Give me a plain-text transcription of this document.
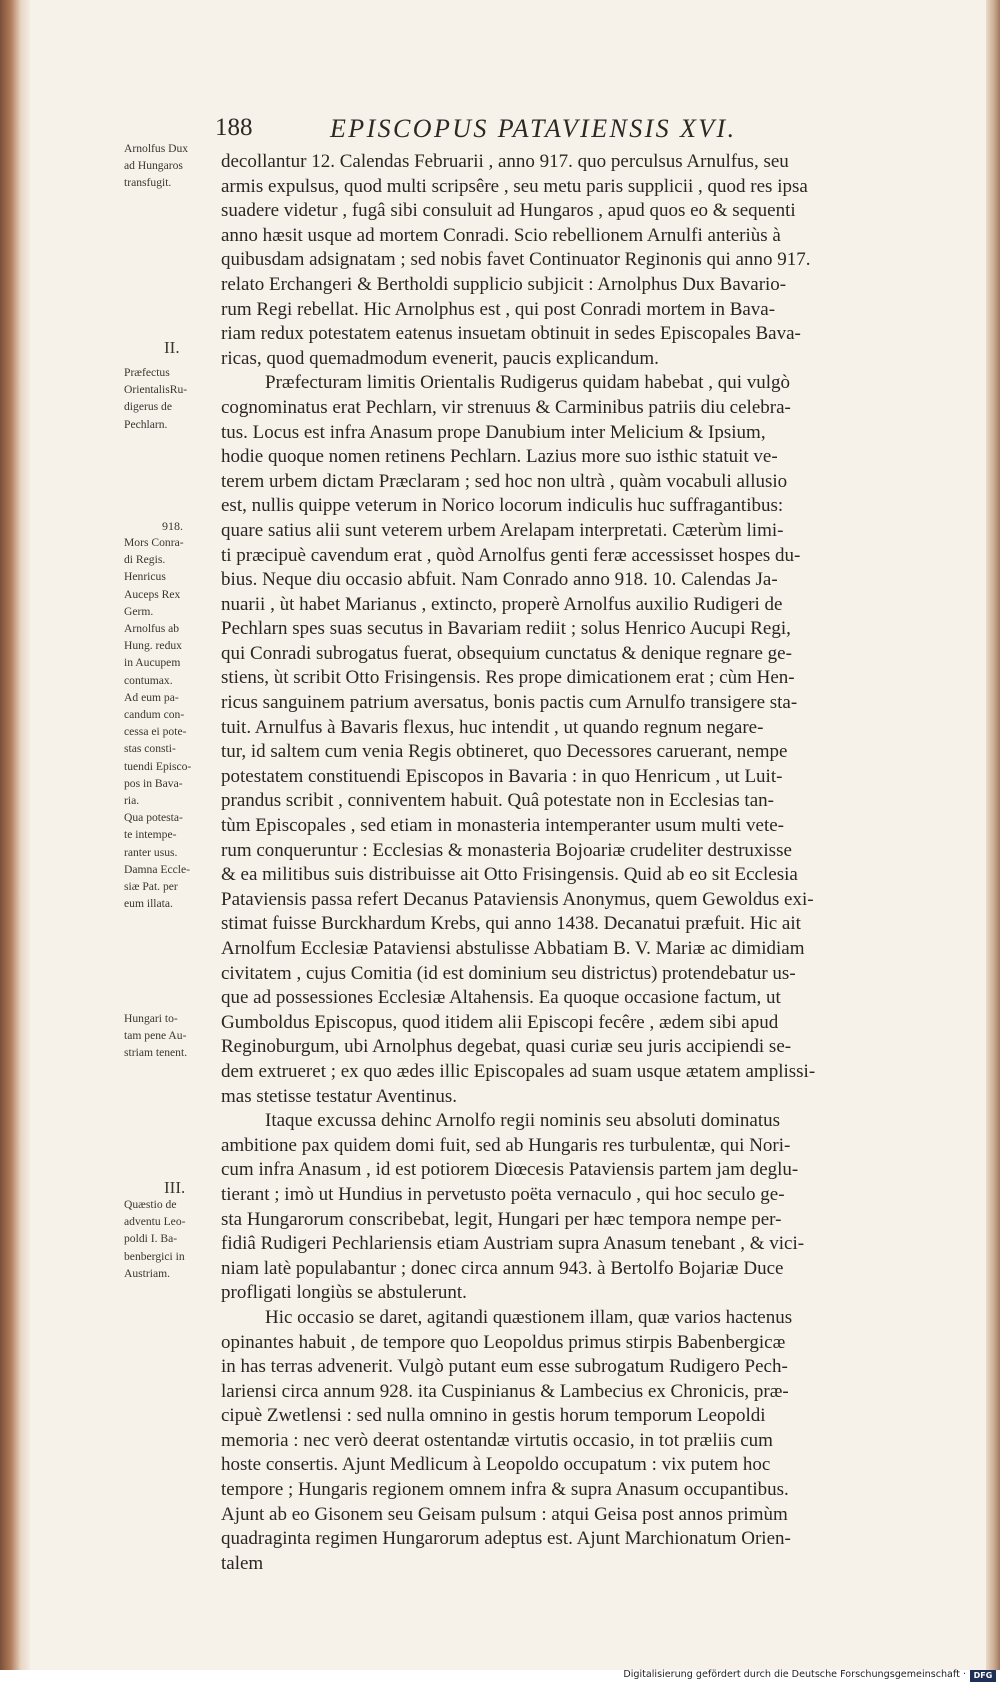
188	EPISCOPUS PATAVIENSIS XVI.
Arnolfus Dux
ad Hungaros
transfugit.
II.
Præfectus
OrientalisRu-
digerus de
Pechlarn.
918.
Mors Conra-
di Regis.
Henricus
Auceps Rex
Germ.
Arnolfus ab
Hung. redux
in Aucupem
contumax.
Ad eum pa-
candum con-
cessa ei pote-
stas consti-
tuendi Episco-
pos in Bava-
ria.
Qua potesta-
te intempe-
ranter usus.
Damna Eccle-
siæ Pat. per
eum illata.
Hungari to-
tam pene Au-
striam tenent.
III.
Quæstio de
adventu Leo-
poldi I. Ba-
benbergici in
Austriam.
decollantur 12. Calendas Februarii , anno 917. quo perculsus Arnulfus, seu
armis expulsus, quod multi scripsêre , seu metu paris supplicii , quod res ipsa
suadere videtur , fugâ sibi consuluit ad Hungaros , apud quos eo & sequenti
anno hæsit usque ad mortem Conradi. Scio rebellionem Arnulfi anteriùs à
quibusdam adsignatam ; sed nobis favet Continuator Reginonis qui anno 917.
relato Erchangeri & Bertholdi supplicio subjicit : Arnolphus Dux Bavario-
rum Regi rebellat. Hic Arnolphus est , qui post Conradi mortem in Bava-
riam redux potestatem eatenus insuetam obtinuit in sedes Episcopales Bava-
ricas, quod quemadmodum evenerit, paucis explicandum.
Præfecturam limitis Orientalis Rudigerus quidam habebat , qui vulgò
cognominatus erat Pechlarn, vir strenuus & Carminibus patriis diu celebra-
tus. Locus est infra Anasum prope Danubium inter Melicium & Ipsium,
hodie quoque nomen retinens Pechlarn. Lazius more suo isthic statuit ve-
terem urbem dictam Præclaram ; sed hoc non ultrà , quàm vocabuli allusio
est, nullis quippe veterum in Norico locorum indiculis huc suffragantibus:
quare satius alii sunt veterem urbem Arelapam interpretati. Cæterùm limi-
ti præcipuè cavendum erat , quòd Arnolfus genti feræ accessisset hospes du-
bius. Neque diu occasio abfuit. Nam Conrado anno 918. 10. Calendas Ja-
nuarii , ùt habet Marianus , extincto, properè Arnolfus auxilio Rudigeri de
Pechlarn spes suas secutus in Bavariam rediit ; solus Henrico Aucupi Regi,
qui Conradi subrogatus fuerat, obsequium cunctatus & denique regnare ge-
stiens, ùt scribit Otto Frisingensis. Res prope dimicationem erat ; cùm Hen-
ricus sanguinem patrium aversatus, bonis pactis cum Arnulfo transigere sta-
tuit. Arnulfus à Bavaris flexus, huc intendit , ut quando regnum negare-
tur, id saltem cum venia Regis obtineret, quo Decessores caruerant, nempe
potestatem constituendi Episcopos in Bavaria : in quo Henricum , ut Luit-
prandus scribit , conniventem habuit. Quâ potestate non in Ecclesias tan-
tùm Episcopales , sed etiam in monasteria intemperanter usum multi vete-
rum conqueruntur : Ecclesias & monasteria Bojoariæ crudeliter destruxisse
& ea militibus suis distribuisse ait Otto Frisingensis. Quid ab eo sit Ecclesia
Pataviensis passa refert Decanus Pataviensis Anonymus, quem Gewoldus exi-
stimat fuisse Burckhardum Krebs, qui anno 1438. Decanatui præfuit. Hic ait
Arnolfum Ecclesiæ Pataviensi abstulisse Abbatiam B. V. Mariæ ac dimidiam
civitatem , cujus Comitia (id est dominium seu districtus) protendebatur us-
que ad possessiones Ecclesiæ Altahensis. Ea quoque occasione factum, ut
Gumboldus Episcopus, quod itidem alii Episcopi fecêre , ædem sibi apud
Reginoburgum, ubi Arnolphus degebat, quasi curiæ seu juris accipiendi se-
dem extrueret ; ex quo ædes illic Episcopales ad suam usque ætatem amplissi-
mas stetisse testatur Aventinus.
Itaque excussa dehinc Arnolfo regii nominis seu absoluti dominatus
ambitione pax quidem domi fuit, sed ab Hungaris res turbulentæ, qui Nori-
cum infra Anasum , id est potiorem Diœcesis Pataviensis partem jam deglu-
tierant ; imò ut Hundius in pervetusto poëta vernaculo , qui hoc seculo ge-
sta Hungarorum conscribebat, legit, Hungari per hæc tempora nempe per-
fidiâ Rudigeri Pechlariensis etiam Austriam supra Anasum tenebant , & vici-
niam latè populabantur ; donec circa annum 943. à Bertolfo Bojariæ Duce
profligati longiùs se abstulerunt.
Hic occasio se daret, agitandi quæstionem illam, quæ varios hactenus
opinantes habuit , de tempore quo Leopoldus primus stirpis Babenbergicæ
in has terras advenerit. Vulgò putant eum esse subrogatum Rudigero Pech-
lariensi circa annum 928. ita Cuspinianus & Lambecius ex Chronicis, præ-
cipuè Zwetlensi : sed nulla omnino in gestis horum temporum Leopoldi
memoria : nec verò deerat ostentandæ virtutis occasio, in tot præliis cum
hoste consertis. Ajunt Medlicum à Leopoldo occupatum : vix putem hoc
tempore ; Hungaris regionem omnem infra & supra Anasum occupantibus.
Ajunt ab eo Gisonem seu Geisam pulsum : atqui Geisa post annos primùm
quadraginta regimen Hungarorum adeptus est. Ajunt Marchionatum Orien-
talem
Digitalisierung gefördert durch die Deutsche Forschungsgemeinschaft · DFG
